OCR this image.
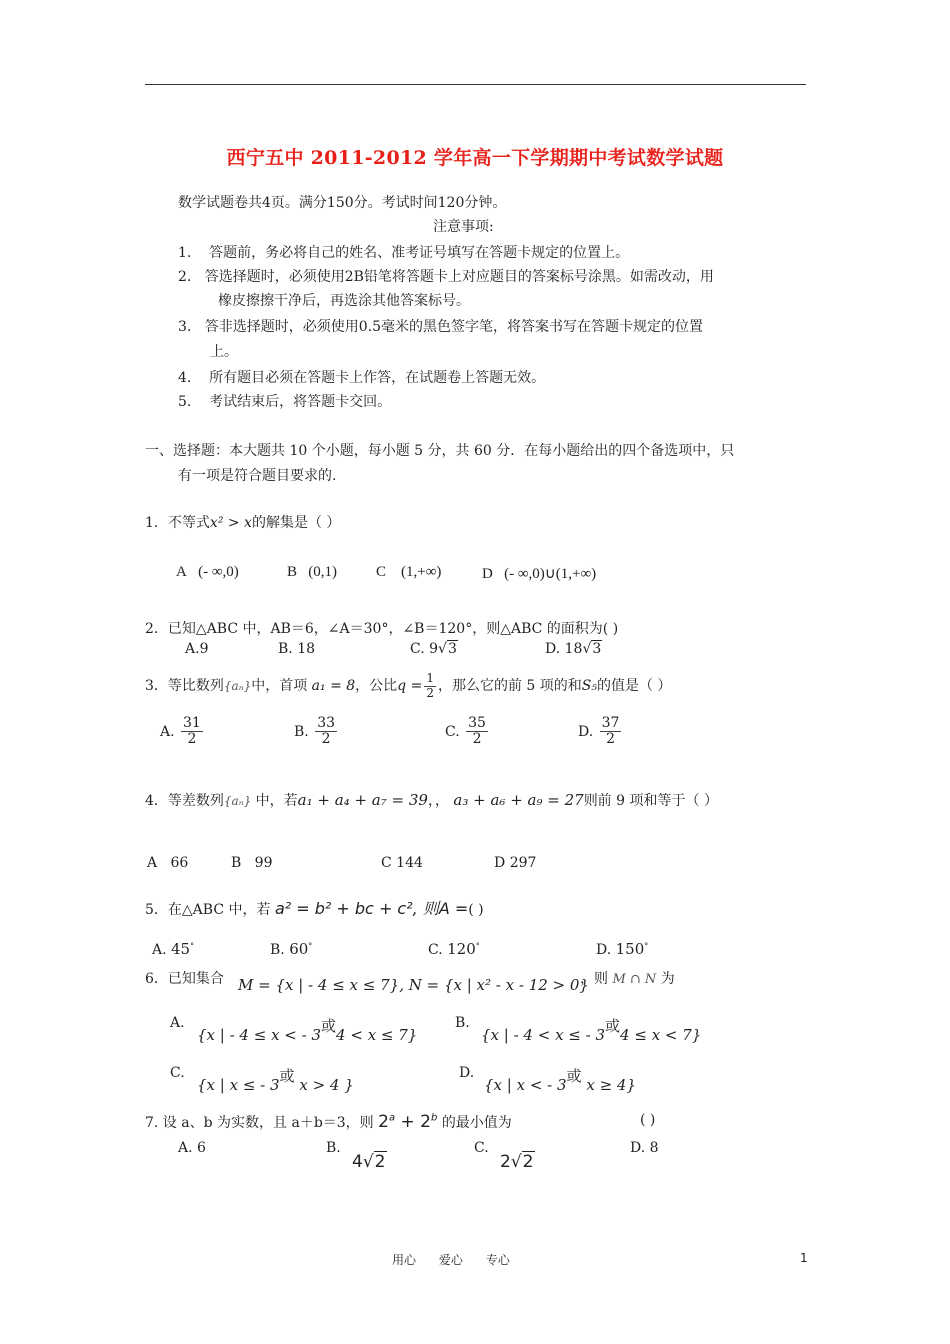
西宁五中 2011-2012 学年高一下学期期中考试数学试题
数学试题卷共4页。满分150分。考试时间120分钟。
注意事项:
1. 答题前，务必将自己的姓名、准考证号填写在答题卡规定的位置上。
2. 答选择题时，必须使用2B铅笔将答题卡上对应题目的答案标号涂黑。如需改动，用
橡皮擦擦干净后，再选涂其他答案标号。
3. 答非选择题时，必须使用0.5毫米的黑色签字笔，将答案书写在答题卡规定的位置
上。
4. 所有题目必须在答题卡上作答，在试题卷上答题无效。
5. 考试结束后，将答题卡交回。
一、选择题：本大题共 10 个小题，每小题 5 分，共 60 分．在每小题给出的四个备选项中，只
有一项是符合题目要求的.
1．不等式x² > x的解集是（ ）
A (- ∞,0)	B (0,1)	C (1,+∞)	D (- ∞,0)∪(1,+∞)
2．已知△ABC 中，AB＝6，∠A＝30°，∠B＝120°，则△ABC 的面积为( )
A.9	B. 18	C. 9√3	D. 18√3
3．等比数列{aₙ}中，首项 a₁ = 8，公比$q = \frac{1}{2}$ ，那么它的前 5 项的和S₅的值是（ ）
A. $\frac{31}{2}$	B. $\frac{33}{2}$	C. $\frac{35}{2}$	D. $\frac{37}{2}$
4．等差数列{aₙ} 中，若a₁ + a₄ + a₇ = 39，， a₃ + a₆ + a₉ = 27则前 9 项和等于（ ）
A 66	B 99	C 144	D 297
5．在△ABC 中，若 a² = b² + bc + c², 则A =( )
A. 45°	B. 60°	C. 120°	D. 150°
6．已知集合 M = {x | - 4 ≤ x ≤ 7}, N = {x | x² - x - 12 > 0}
，则 M ∩ N 为
A.
{x | - 4 ≤ x < - 3或4 < x ≤ 7}
B.
{x | - 4 < x ≤ - 3或4 ≤ x < 7}
C.
{x | x ≤ - 3或 x > 4 }
D.
{x | x < - 3或 x ≥ 4}
7. 设 a、b 为实数，且 a＋b＝3，则 $2^a + 2^b$ 的最小值为	( )
A. 6	B.
4√2
C.
2√2
D. 8
用心 爱心 专心	1
